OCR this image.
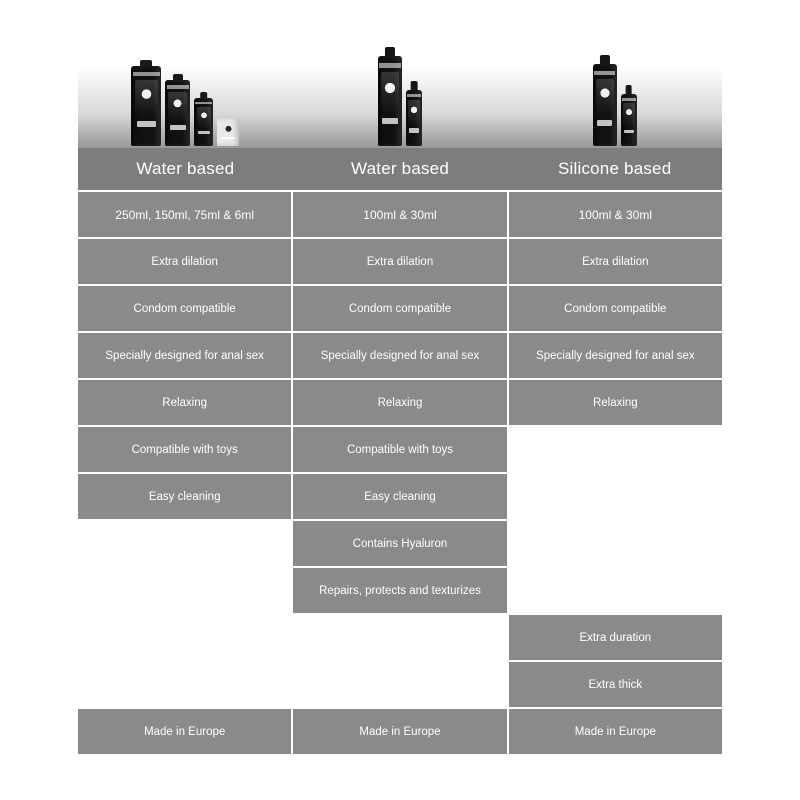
Water based	Water based	Silicone based
250ml, 150ml, 75ml & 6ml
Extra dilation
Condom compatible
Specially designed for anal sex
Relaxing
Compatible with toys
Easy cleaning
Made in Europe
100ml & 30ml
Extra dilation
Condom compatible
Specially designed for anal sex
Relaxing
Compatible with toys
Easy cleaning
Contains Hyaluron
Repairs, protects and texturizes
Made in Europe
100ml & 30ml
Extra dilation
Condom compatible
Specially designed for anal sex
Relaxing
Extra duration
Extra thick
Made in Europe
